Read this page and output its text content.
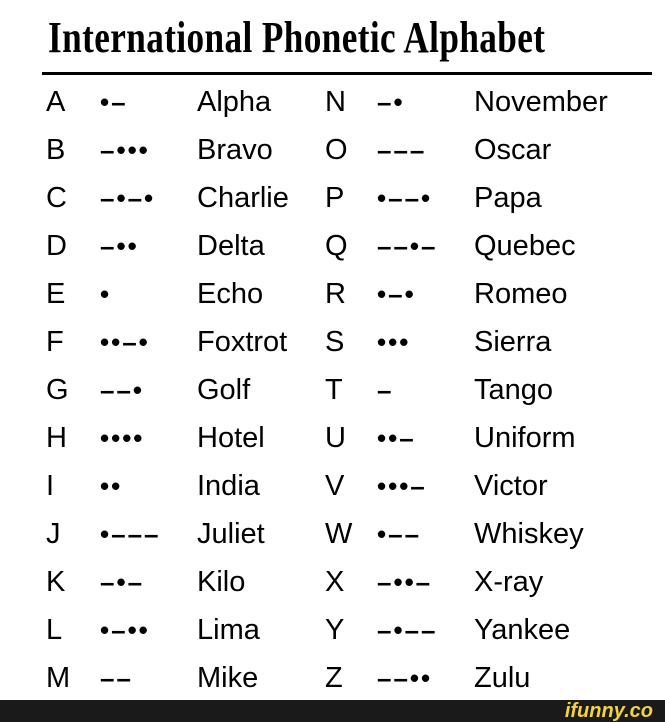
International Phonetic Alphabet
A	•– Alpha N	–• November
B	–••• Bravo O	––– Oscar
C	–•–• Charlie P	•––• Papa
D	–•• Delta Q	––•– Quebec
E	•	Echo R	•–• Romeo
F	••–• Foxtrot S	••• Sierra
G	––• Golf	T	–	Tango
H	•••• Hotel U	••– Uniform
I	••	India V	•••– Victor
J	•––– Juliet W •–– Whiskey
K	–•– Kilo	X	–••– X-ray
L	•–•• Lima Y	–•–– Yankee
M	–– Mike Z	––•• Zulu
ifunny.co
